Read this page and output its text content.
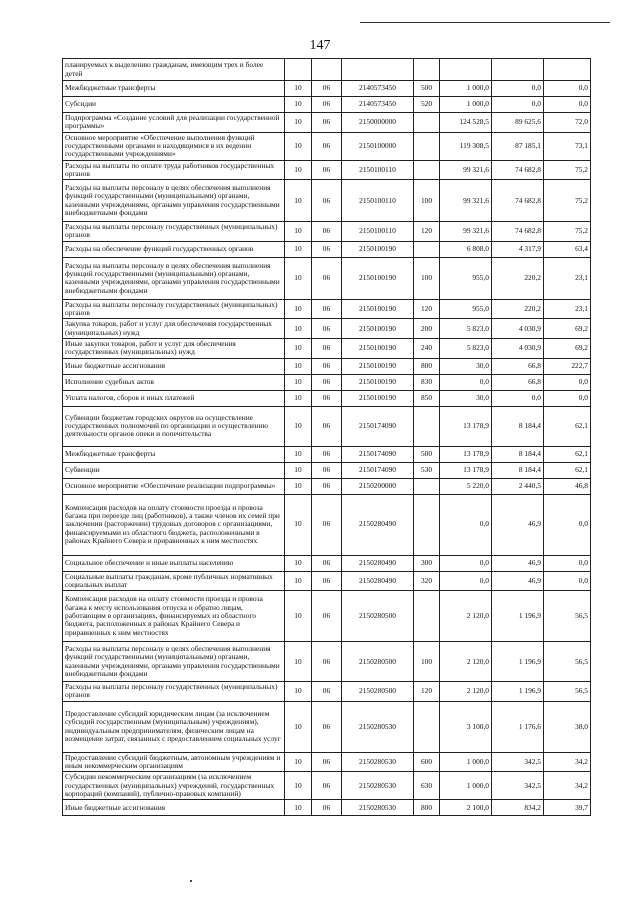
147
планируемых к выделению гражданам, имеющим трех и более детей							
Межбюджетные трансферты	10	06	2140573450	500	1 000,0	0,0	0,0
Субсидии	10	06	2140573450	520	1 000,0	0,0	0,0
Подпрограмма «Создание условий для реализации государственной программы»	10	06	2150000000		124 528,5	89 625,6	72,0
Основное мероприятие «Обеспечение выполнения функций государственными органами и находящимися в их ведении государственными учреждениями»	10	06	2150100000		119 308,5	87 185,1	73,1
Расходы на выплаты по оплате труда работников государственных органов	10	06	2150100110		99 321,6	74 682,8	75,2
Расходы на выплаты персоналу в целях обеспечения выполнения функций государственными (муниципальными) органами, казенными учреждениями, органами управления государственными внебюджетными фондами	10	06	2150100110	100	99 321,6	74 682,8	75,2
Расходы на выплаты персоналу государственных (муниципальных) органов	10	06	2150100110	120	99 321,6	74 682,8	75,2
Расходы на обеспечение функций государственных органов	10	06	2150100190		6 808,0	4 317,9	63,4
Расходы на выплаты персоналу в целях обеспечения выполнения функций государственными (муниципальными) органами, казенными учреждениями, органами управления государственными внебюджетными фондами	10	06	2150100190	100	955,0	220,2	23,1
Расходы на выплаты персоналу государственных (муниципальных) органов	10	06	2150100190	120	955,0	220,2	23,1
Закупка товаров, работ и услуг для обеспечения государственных (муниципальных) нужд	10	06	2150100190	200	5 823,0	4 030,9	69,2
Иные закупки товаров, работ и услуг для обеспечения государственных (муниципальных) нужд	10	06	2150100190	240	5 823,0	4 030,9	69,2
Иные бюджетные ассигнования	10	06	2150100190	800	30,0	66,8	222,7
Исполнение судебных актов	10	06	2150100190	830	0,0	66,8	0,0
Уплата налогов, сборов и иных платежей	10	06	2150100190	850	30,0	0,0	0,0
Субвенции бюджетам городских округов на осуществление государственных полномочий по организации и осуществлению деятельности органов опеки и попечительства	10	06	2150174090		13 178,9	8 184,4	62,1
Межбюджетные трансферты	10	06	2150174090	500	13 178,9	8 184,4	62,1
Субвенции	10	06	2150174090	530	13 178,9	8 184,4	62,1
Основное мероприятие «Обеспечение реализации подпрограммы»	10	06	2150200000		5 220,0	2 440,5	46,8
Компенсация расходов на оплату стоимости проезда и провоза багажа при переезде лиц (работников), а также членов их семей при заключении (расторжении) трудовых договоров с организациями, финансируемыми из областного бюджета, расположенными в районах Крайнего Севера и приравненных к ним местностях	10	06	2150280490		0,0	46,9	0,0
Социальное обеспечение и иные выплаты населению	10	06	2150280490	300	0,0	46,9	0,0
Социальные выплаты гражданам, кроме публичных нормативных социальных выплат	10	06	2150280490	320	0,0	46,9	0,0
Компенсация расходов на оплату стоимости проезда и провоза багажа к месту использования отпуска и обратно лицам, работающим в организациях, финансируемых из областного бюджета, расположенных в районах Крайнего Севера и приравненных к ним местностях	10	06	2150280500		2 120,0	1 196,9	56,5
Расходы на выплаты персоналу в целях обеспечения выполнения функций государственными (муниципальными) органами, казенными учреждениями, органами управления государственными внебюджетными фондами	10	06	2150280500	100	2 120,0	1 196,9	56,5
Расходы на выплаты персоналу государственных (муниципальных) органов	10	06	2150280500	120	2 120,0	1 196,9	56,5
Предоставление субсидий юридическим лицам (за исключением субсидий государственным (муниципальным) учреждениям), индивидуальным предпринимателям, физическим лицам на возмещение затрат, связанных с предоставлением социальных услуг	10	06	2150280530		3 100,0	1 176,6	38,0
Предоставление субсидий бюджетным, автономным учреждениям и иным некоммерческим организациям	10	06	2150280530	600	1 000,0	342,5	34,2
Субсидии некоммерческим организациям (за исключением государственных (муниципальных) учреждений, государственных корпораций (компаний), публично-правовых компаний)	10	06	2150280530	630	1 000,0	342,5	34,2
Иные бюджетные ассигнования	10	06	2150280530	800	2 100,0	834,2	39,7
